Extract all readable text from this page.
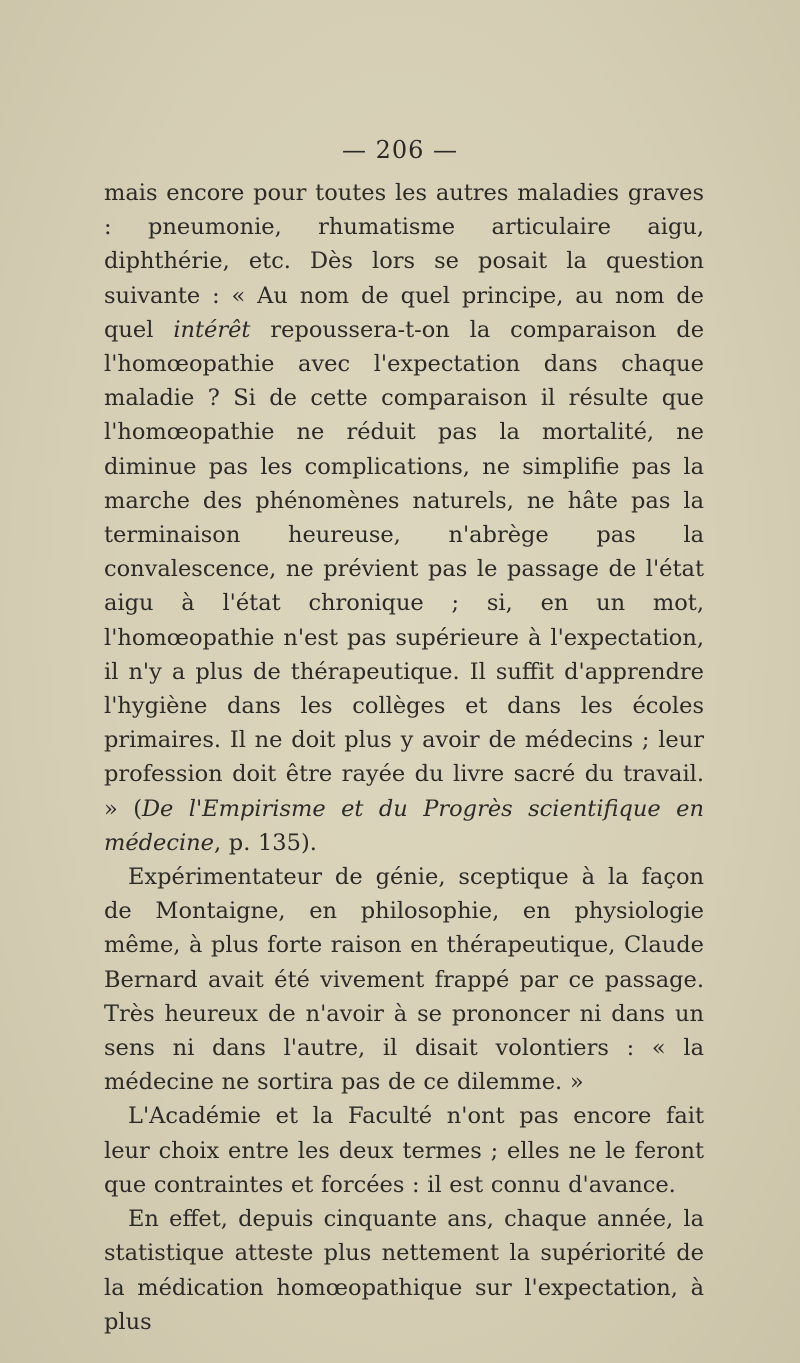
— 206 —

mais encore pour toutes les autres maladies graves : pneumonie, rhumatisme articulaire aigu, diphthérie, etc. Dès lors se posait la question suivante : « Au nom de quel principe, au nom de quel intérêt repoussera-t-on la comparaison de l'homœopathie avec l'expectation dans chaque maladie ? Si de cette comparaison il résulte que l'homœopathie ne réduit pas la mortalité, ne diminue pas les complications, ne simplifie pas la marche des phénomènes naturels, ne hâte pas la terminaison heureuse, n'abrège pas la convalescence, ne prévient pas le passage de l'état aigu à l'état chronique ; si, en un mot, l'homœopathie n'est pas supérieure à l'expectation, il n'y a plus de thérapeutique. Il suffit d'apprendre l'hygiène dans les collèges et dans les écoles primaires. Il ne doit plus y avoir de médecins ; leur profession doit être rayée du livre sacré du travail. » (De l'Empirisme et du Progrès scientifique en médecine, p. 135).

Expérimentateur de génie, sceptique à la façon de Montaigne, en philosophie, en physiologie même, à plus forte raison en thérapeutique, Claude Bernard avait été vivement frappé par ce passage. Très heureux de n'avoir à se prononcer ni dans un sens ni dans l'autre, il disait volontiers : « la médecine ne sortira pas de ce dilemme. »

L'Académie et la Faculté n'ont pas encore fait leur choix entre les deux termes ; elles ne le feront que contraintes et forcées : il est connu d'avance.

En effet, depuis cinquante ans, chaque année, la statistique atteste plus nettement la supériorité de la médication homœopathique sur l'expectation, à plus
